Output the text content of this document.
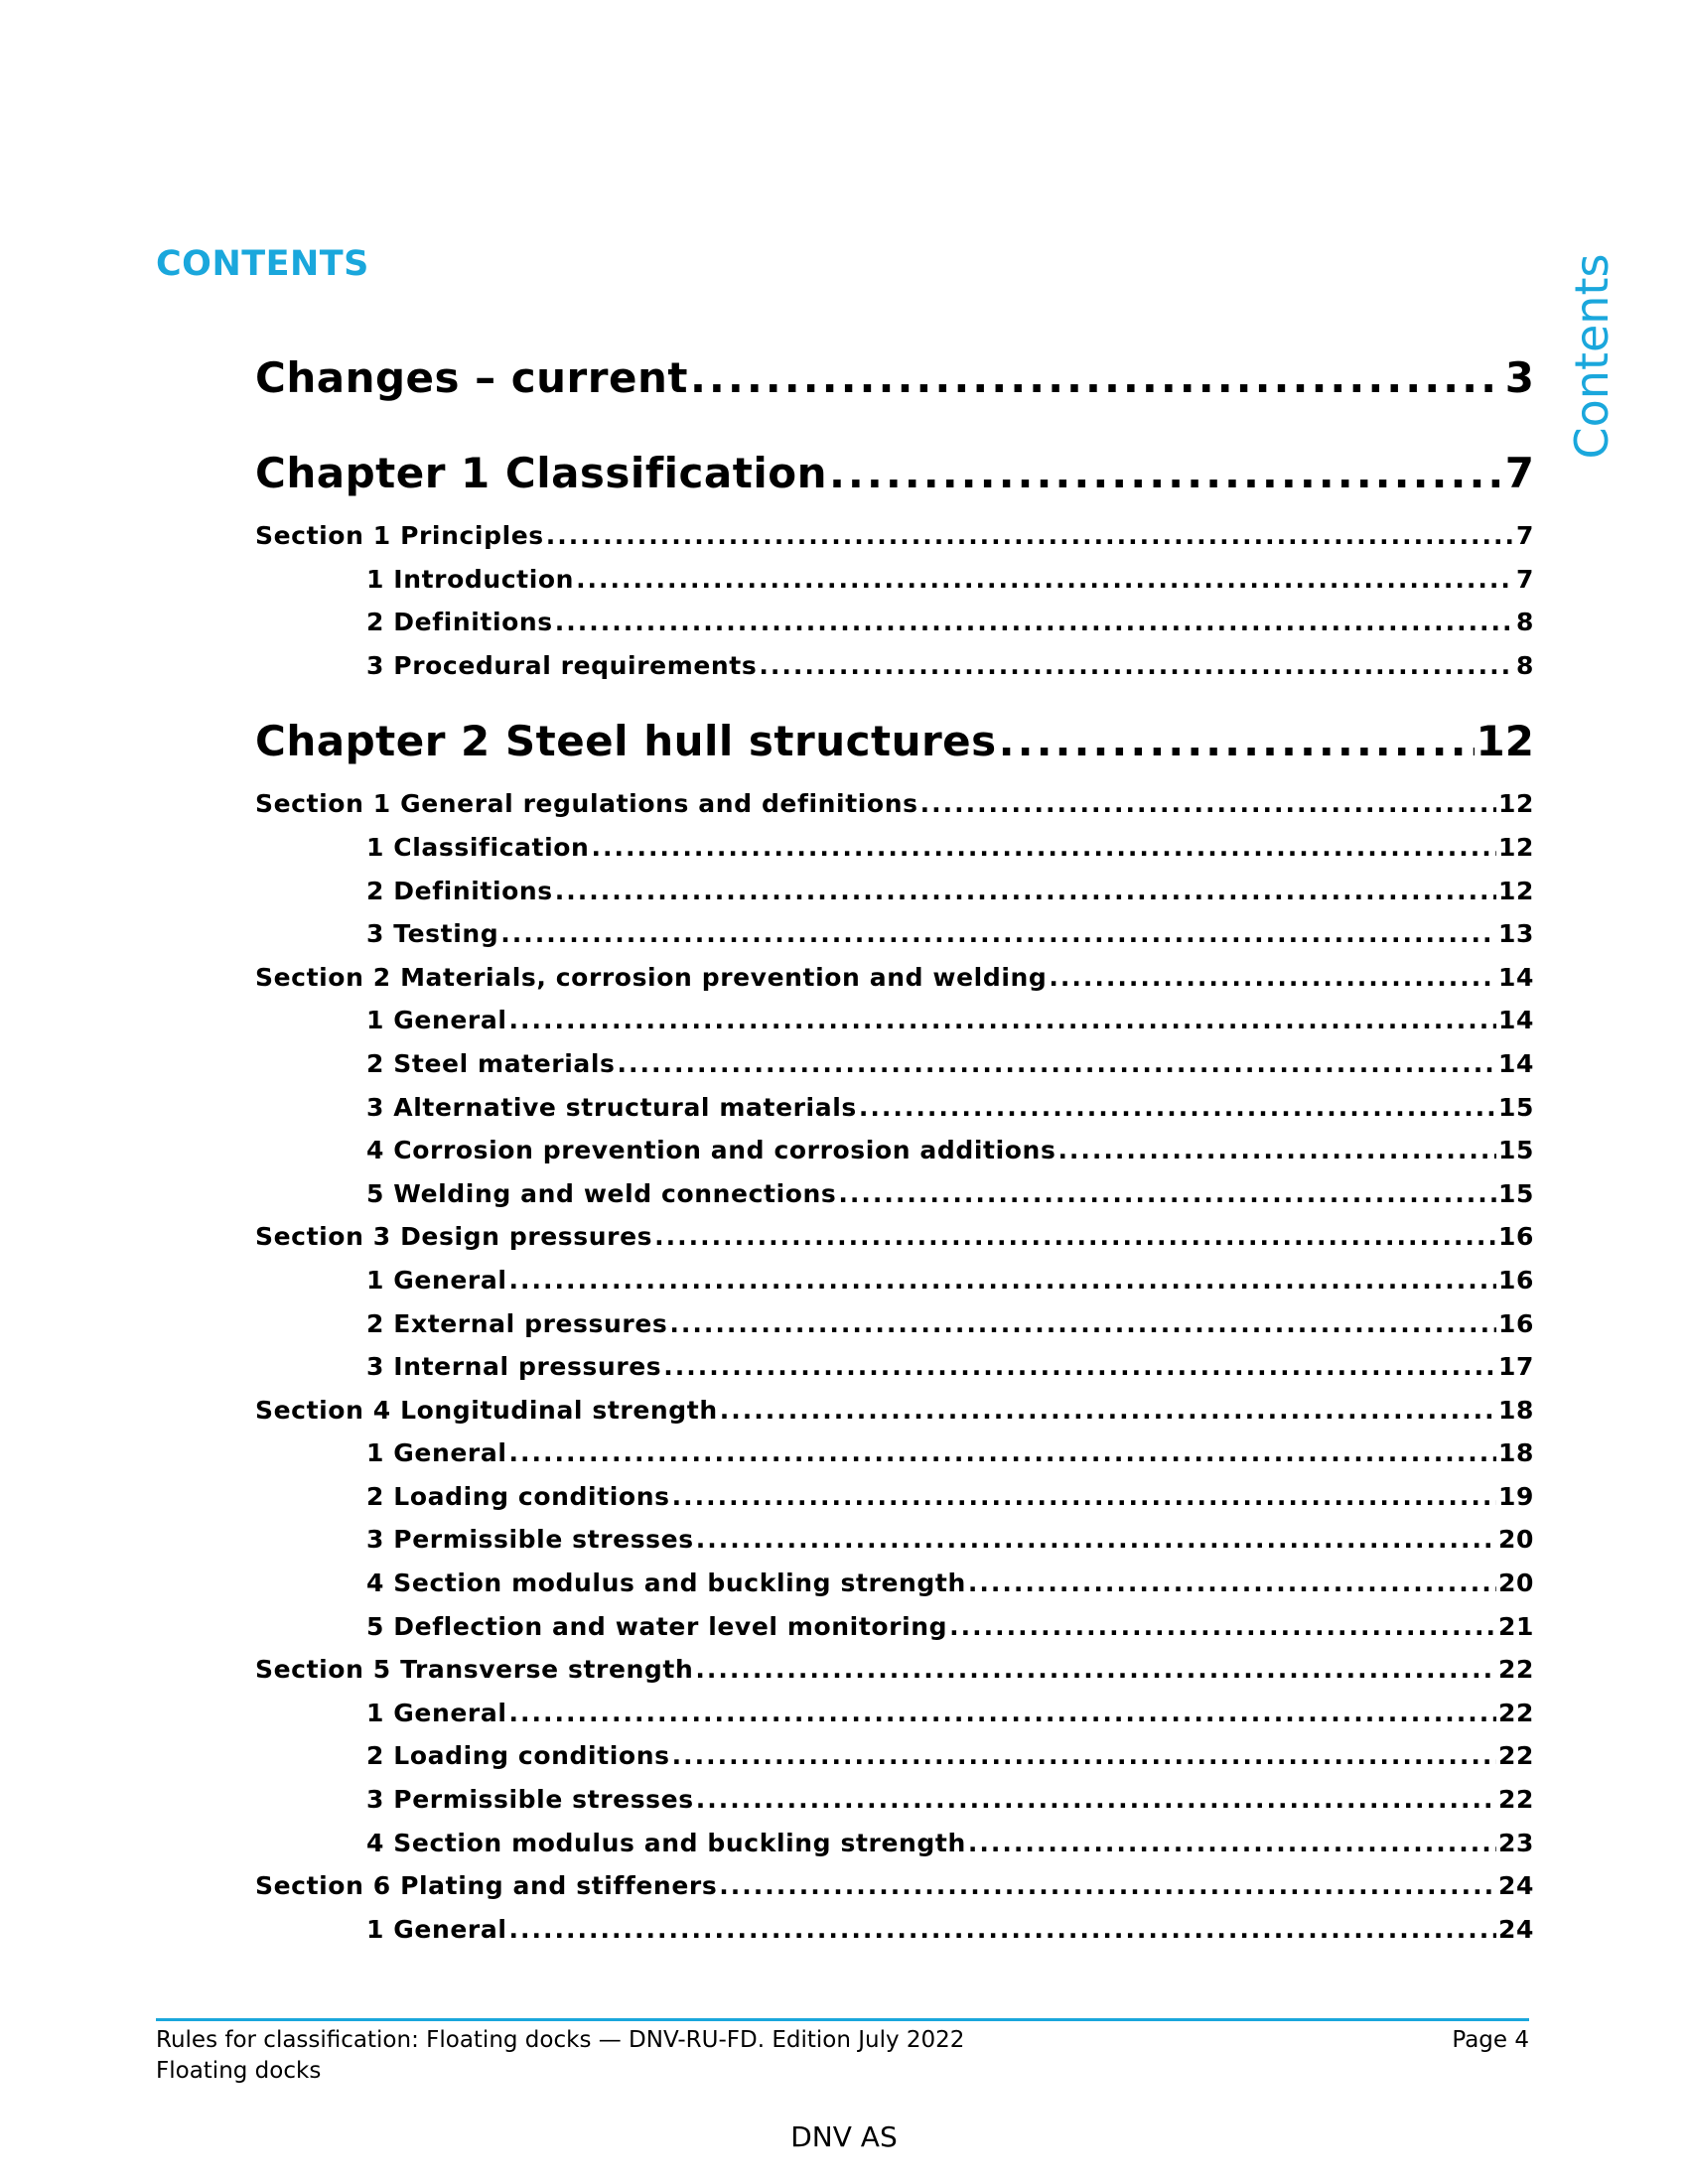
CONTENTS	Contents
Changes – current .....	3
Chapter 1 Classification .....	7
Section 1 Principles .....	7
1 Introduction .....	7
2 Definitions .....	8
3 Procedural requirements .....	8
Chapter 2 Steel hull structures .....	12
Section 1 General regulations and definitions .....	12
1 Classification .....	12
2 Definitions .....	12
3 Testing .....	13
Section 2 Materials, corrosion prevention and welding .....	14
1 General .....	14
2 Steel materials .....	14
3 Alternative structural materials .....	15
4 Corrosion prevention and corrosion additions .....	15
5 Welding and weld connections .....	15
Section 3 Design pressures .....	16
1 General .....	16
2 External pressures .....	16
3 Internal pressures .....	17
Section 4 Longitudinal strength .....	18
1 General .....	18
2 Loading conditions .....	19
3 Permissible stresses .....	20
4 Section modulus and buckling strength .....	20
5 Deflection and water level monitoring .....	21
Section 5 Transverse strength .....	22
1 General .....	22
2 Loading conditions .....	22
3 Permissible stresses .....	22
4 Section modulus and buckling strength .....	23
Section 6 Plating and stiffeners .....	24
1 General .....	24
Rules for classification: Floating docks — DNV-RU-FD. Edition July 2022
Floating docks
Page 4
DNV AS
